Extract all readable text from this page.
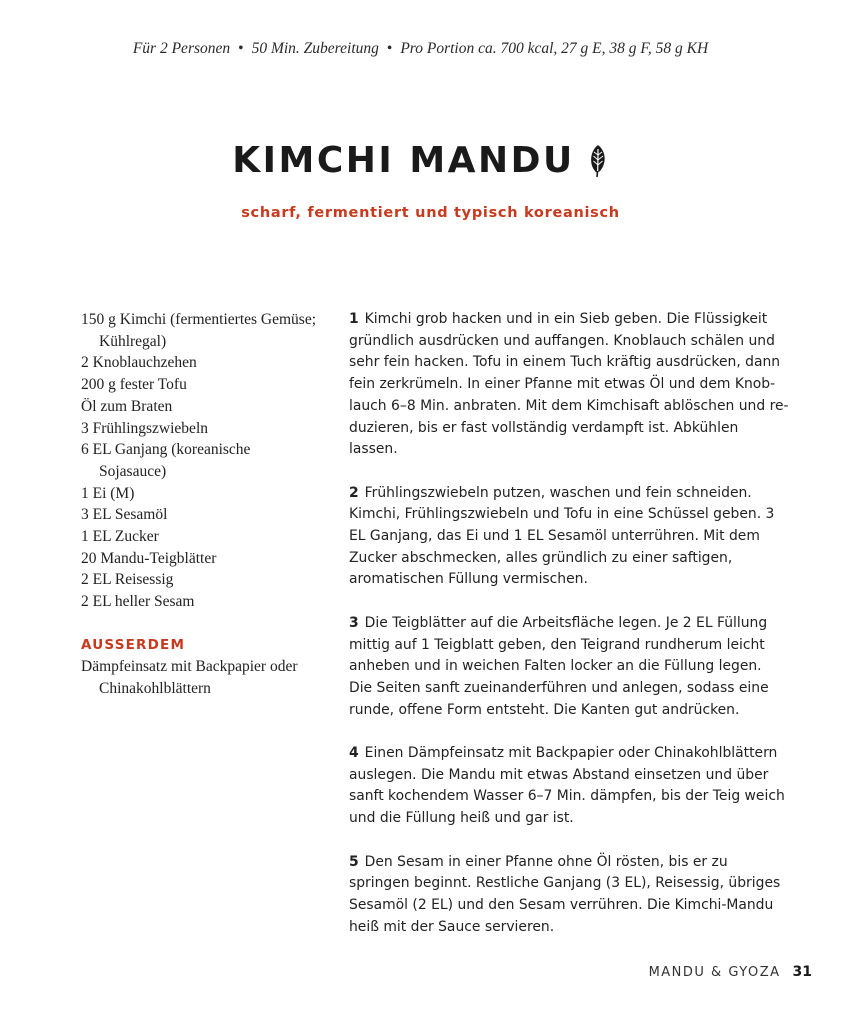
Für 2 Personen • 50 Min. Zubereitung • Pro Portion ca. 700 kcal, 27 g E, 38 g F, 58 g KH
KIMCHI MANDU
scharf, fermentiert und typisch koreanisch
150 g Kimchi (fermentiertes Gemüse; Kühlregal)
2 Knoblauchzehen
200 g fester Tofu
Öl zum Braten
3 Frühlingszwiebeln
6 EL Ganjang (koreanische Sojasauce)
1 Ei (M)
3 EL Sesamöl
1 EL Zucker
20 Mandu-Teigblätter
2 EL Reisessig
2 EL heller Sesam
AUSSERDEM
Dämpfeinsatz mit Backpapier oder Chinakohlblättern
1 Kimchi grob hacken und in ein Sieb geben. Die Flüssigkeit gründlich ausdrücken und auffangen. Knoblauch schälen und sehr fein hacken. Tofu in einem Tuch kräftig ausdrücken, dann fein zerkrümeln. In einer Pfanne mit etwas Öl und dem Knoblauch 6–8 Min. anbraten. Mit dem Kimchisaft ablöschen und reduzieren, bis er fast vollständig verdampft ist. Abkühlen lassen.
2 Frühlingszwiebeln putzen, waschen und fein schneiden. Kimchi, Frühlingszwiebeln und Tofu in eine Schüssel geben. 3 EL Ganjang, das Ei und 1 EL Sesamöl unterrühren. Mit dem Zucker abschmecken, alles gründlich zu einer saftigen, aromatischen Füllung vermischen.
3 Die Teigblätter auf die Arbeitsfläche legen. Je 2 EL Füllung mittig auf 1 Teigblatt geben, den Teigrand rundherum leicht anheben und in weichen Falten locker an die Füllung legen. Die Seiten sanft zueinanderführen und anlegen, sodass eine runde, offene Form entsteht. Die Kanten gut andrücken.
4 Einen Dämpfeinsatz mit Backpapier oder Chinakohlblättern auslegen. Die Mandu mit etwas Abstand einsetzen und über sanft kochendem Wasser 6–7 Min. dämpfen, bis der Teig weich und die Füllung heiß und gar ist.
5 Den Sesam in einer Pfanne ohne Öl rösten, bis er zu springen beginnt. Restliche Ganjang (3 EL), Reisessig, übriges Sesamöl (2 EL) und den Sesam verrühren. Die Kimchi-Mandu heiß mit der Sauce servieren.
MANDU & GYOZA 31
